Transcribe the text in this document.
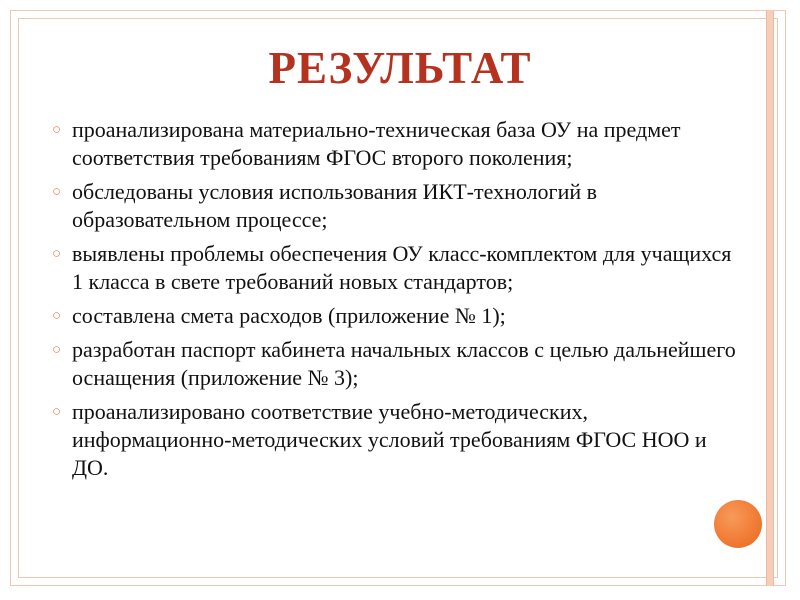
РЕЗУЛЬТАТ
○ проанализирована материально-техническая база ОУ на предмет соответствия требованиям ФГОС второго поколения;
○ обследованы условия использования ИКТ-технологий в образовательном процессе;
○ выявлены проблемы обеспечения ОУ класс-комплектом для учащихся 1 класса в свете требований новых стандартов;
○ составлена смета расходов (приложение № 1);
○ разработан паспорт кабинета начальных классов с целью дальнейшего оснащения (приложение № 3);
○ проанализировано соответствие учебно-методических, информационно-методических условий требованиям ФГОС НОО и ДО.
